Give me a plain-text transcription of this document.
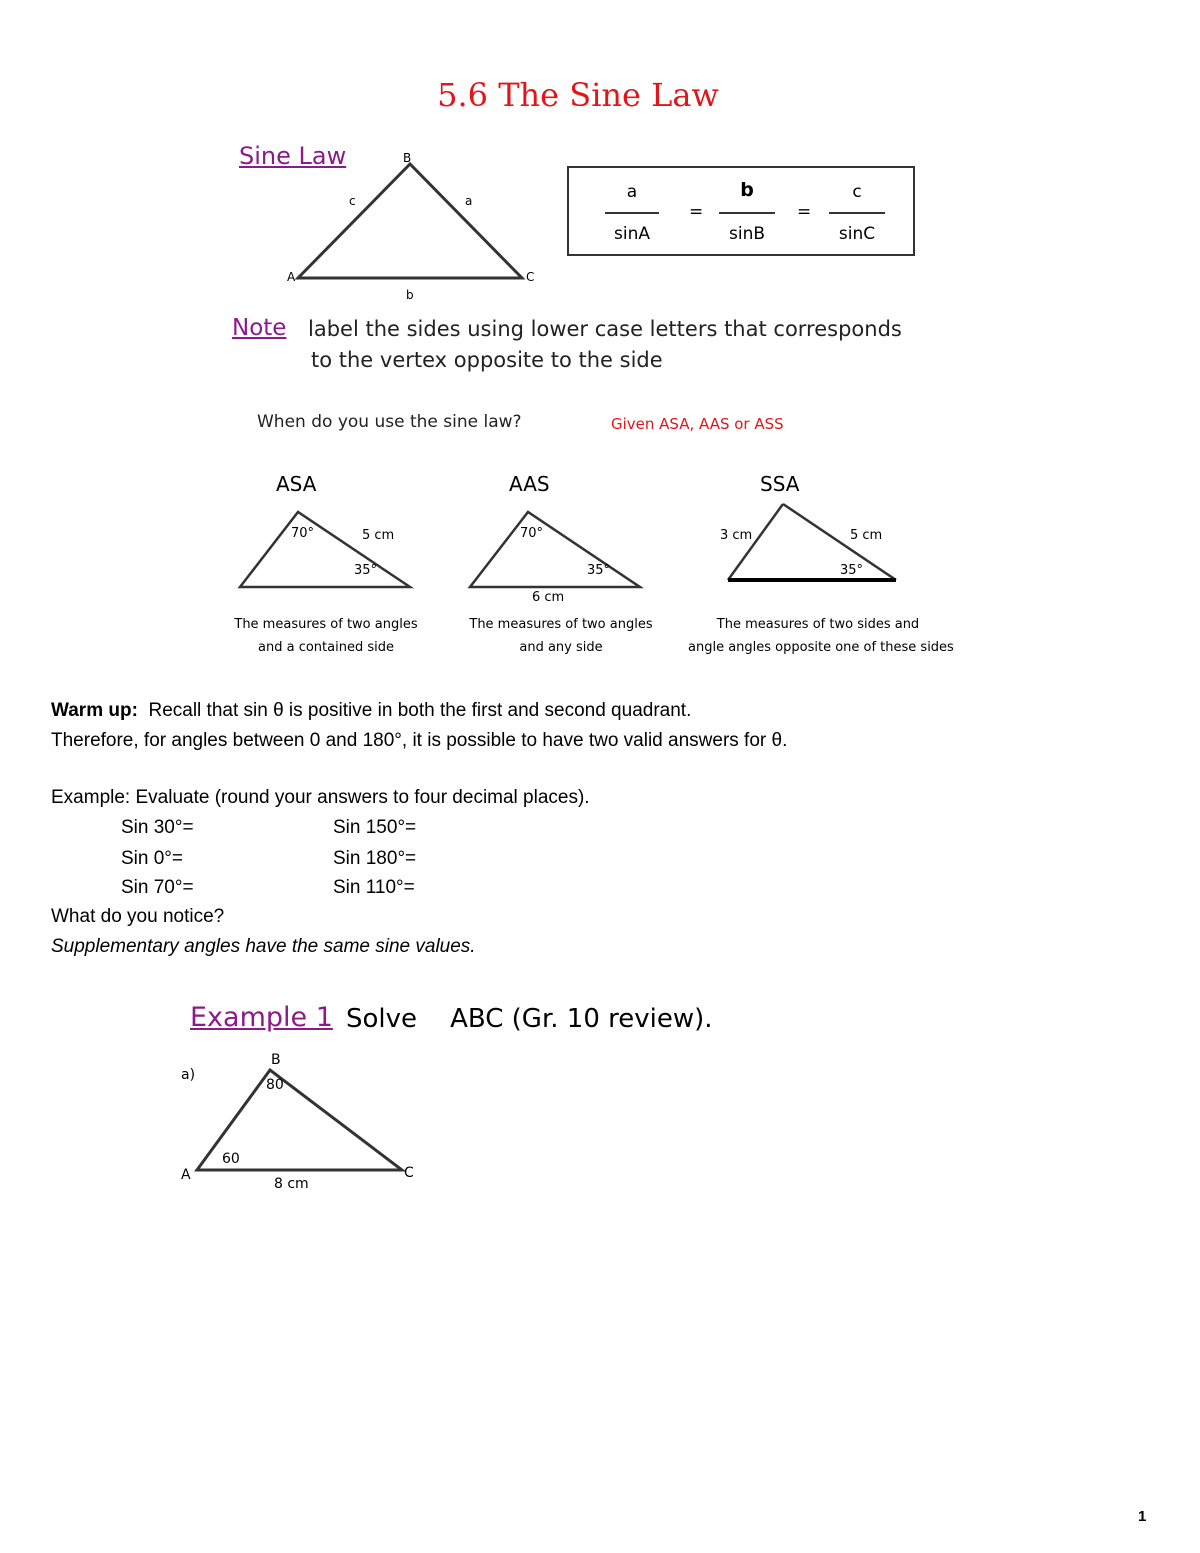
5.6 The Sine Law
Sine Law	B
A	C
c	a
b
a
sinA
=
b
sinB
=
c
sinC
Note label the sides using lower case letters that corresponds
to the vertex opposite to the side
When do you use the sine law?	Given ASA, AAS or ASS
ASA	AAS	SSA
70°	5 cm
35°
The measures of two angles
and a contained side
70°
35°
6 cm
The measures of two angles
and any side
3 cm	5 cm
35°
The measures of two sides and
angle angles opposite one of these sides
Warm up: Recall that sin θ is positive in both the first and second quadrant.
Therefore, for angles between 0 and 180°, it is possible to have two valid answers for θ.
Example: Evaluate (round your answers to four decimal places).
Sin 30°=	Sin 150°=
Sin 0°=	Sin 180°=
Sin 70°=	Sin 110°=
What do you notice?
Supplementary angles have the same sine values.
Example 1 Solve    ABC (Gr. 10 review).
a)
B
80
60
A	C
8 cm
1
